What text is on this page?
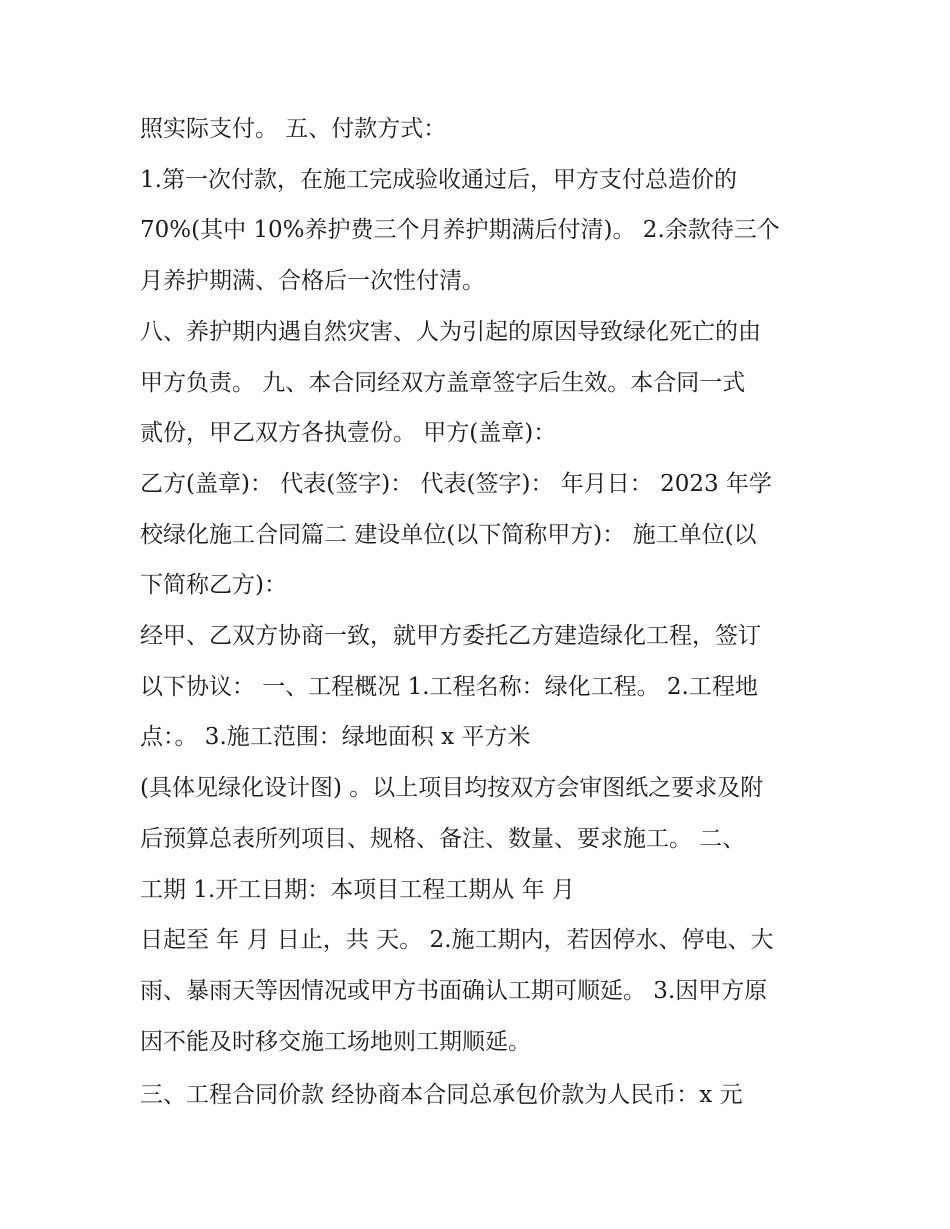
照实际支付。 五、付款方式：
1.第一次付款，在施工完成验收通过后，甲方支付总造价的
70%(其中 10%养护费三个月养护期满后付清)。 2.余款待三个
月养护期满、合格后一次性付清。
八、养护期内遇自然灾害、人为引起的原因导致绿化死亡的由
甲方负责。 九、本合同经双方盖章签字后生效。本合同一式
贰份，甲乙双方各执壹份。 甲方(盖章)：
乙方(盖章)： 代表(签字)： 代表(签字)： 年月日： 2023 年学
校绿化施工合同篇二 建设单位(以下简称甲方)： 施工单位(以
下简称乙方)：
经甲、乙双方协商一致，就甲方委托乙方建造绿化工程，签订
以下协议： 一、工程概况 1.工程名称：绿化工程。 2.工程地
点：。 3.施工范围：绿地面积 x 平方米
(具体见绿化设计图) 。以上项目均按双方会审图纸之要求及附
后预算总表所列项目、规格、备注、数量、要求施工。 二、
工期 1.开工日期：本项目工程工期从 年 月
日起至 年 月 日止，共 天。 2.施工期内，若因停水、停电、大
雨、暴雨天等因情况或甲方书面确认工期可顺延。 3.因甲方原
因不能及时移交施工场地则工期顺延。
三、工程合同价款 经协商本合同总承包价款为人民币：x 元
